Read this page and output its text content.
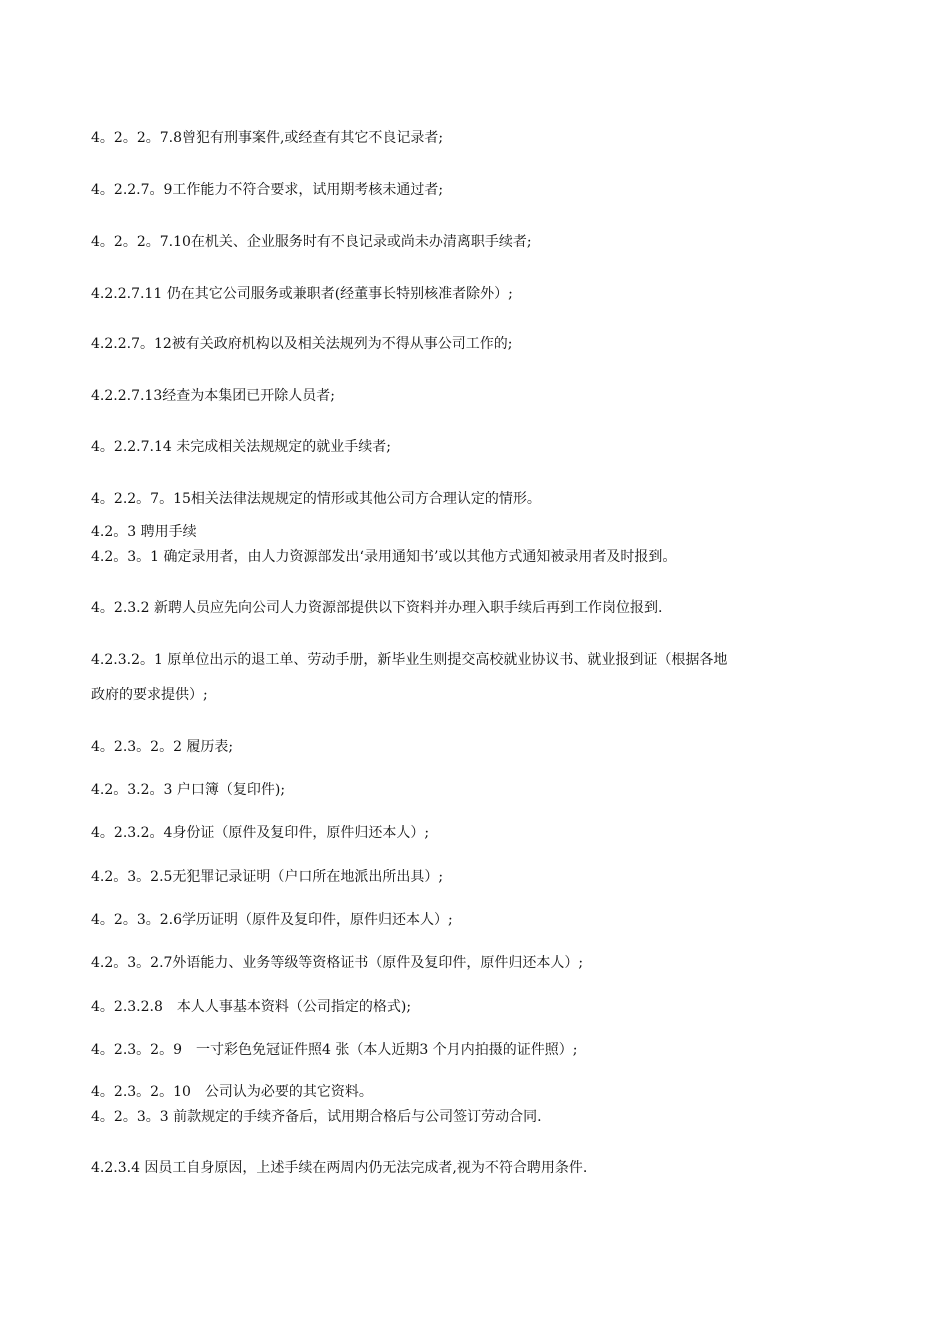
4。2。2。7.8曾犯有刑事案件,或经查有其它不良记录者;
4。2.2.7。9工作能力不符合要求，试用期考核未通过者;
4。2。2。7.10在机关、企业服务时有不良记录或尚未办清离职手续者;
4.2.2.7.11 仍在其它公司服务或兼职者(经董事长特别核准者除外）;
4.2.2.7。12被有关政府机构以及相关法规列为不得从事公司工作的;
4.2.2.7.13经查为本集团已开除人员者;
4。2.2.7.14 未完成相关法规规定的就业手续者;
4。2.2。7。15相关法律法规规定的情形或其他公司方合理认定的情形。
4.2。3 聘用手续
4.2。3。1 确定录用者，由人力资源部发出‘录用通知书’或以其他方式通知被录用者及时报到。
4。2.3.2 新聘人员应先向公司人力资源部提供以下资料并办理入职手续后再到工作岗位报到.
4.2.3.2。1 原单位出示的退工单、劳动手册，新毕业生则提交高校就业协议书、就业报到证（根据各地
政府的要求提供）;
4。2.3。2。2 履历表;
4.2。3.2。3 户口簿（复印件);
4。2.3.2。4身份证（原件及复印件，原件归还本人）;
4.2。3。2.5无犯罪记录证明（户口所在地派出所出具）;
4。2。3。2.6学历证明（原件及复印件，原件归还本人）;
4.2。3。2.7外语能力、业务等级等资格证书（原件及复印件，原件归还本人）;
4。2.3.2.8　本人人事基本资料（公司指定的格式);
4。2.3。2。9　一寸彩色免冠证件照4 张（本人近期3 个月内拍摄的证件照）;
4。2.3。2。10　公司认为必要的其它资料。
4。2。3。3 前款规定的手续齐备后，试用期合格后与公司签订劳动合同.
4.2.3.4 因员工自身原因，上述手续在两周内仍无法完成者,视为不符合聘用条件.
